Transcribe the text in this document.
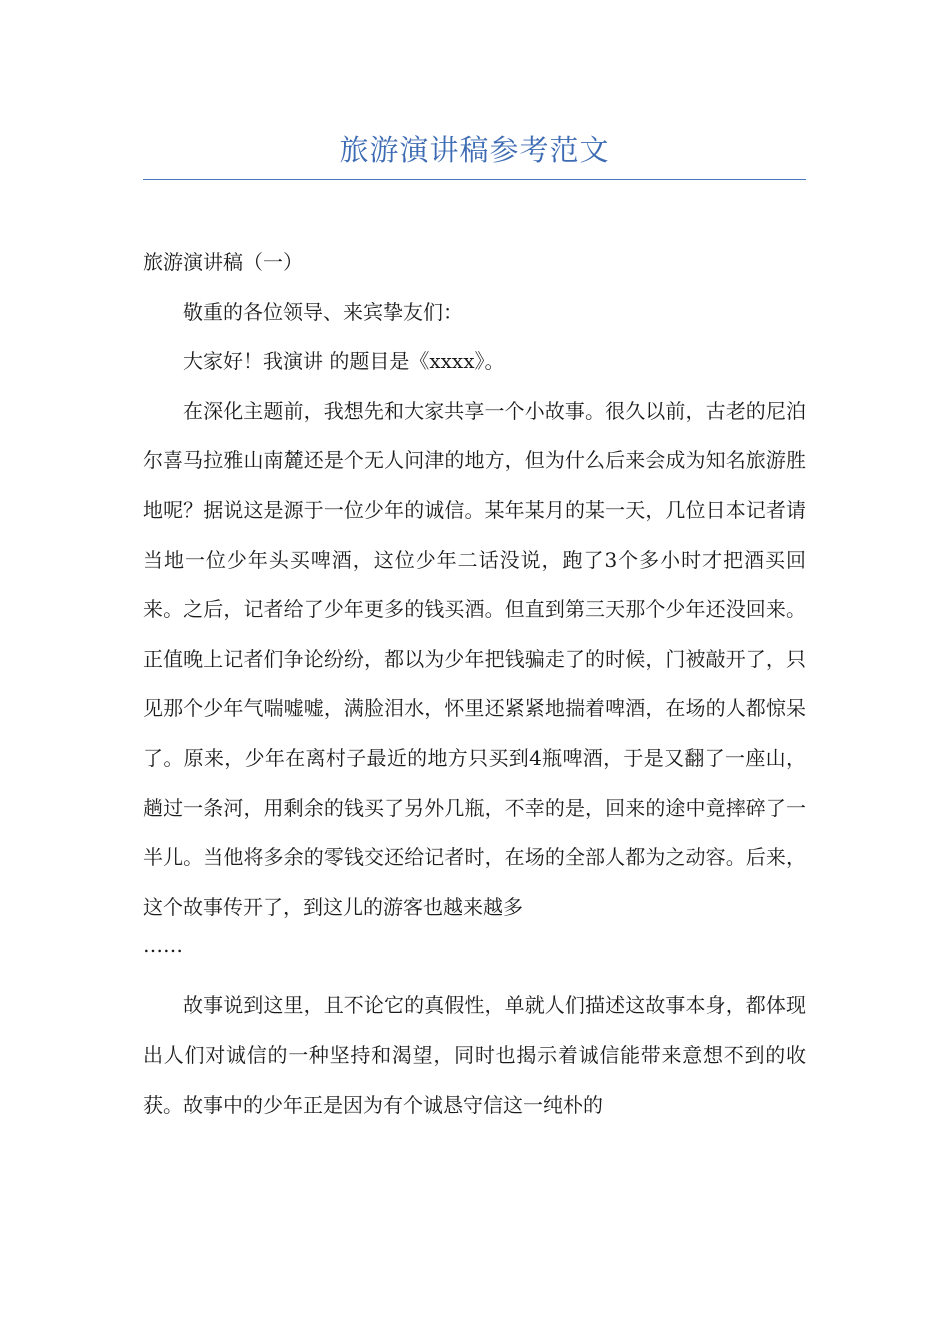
旅游演讲稿参考范文

旅游演讲稿（一）

敬重的各位领导、来宾挚友们：

大家好！我演讲 的题目是《xxxx》。

在深化主题前，我想先和大家共享一个小故事。很久以前，古老的尼泊尔喜马拉雅山南麓还是个无人问津的地方，但为什么后来会成为知名旅游胜地呢？据说这是源于一位少年的诚信。某年某月的某一天，几位日本记者请当地一位少年头买啤酒，这位少年二话没说，跑了3个多小时才把酒买回来。之后，记者给了少年更多的钱买酒。但直到第三天那个少年还没回来。正值晚上记者们争论纷纷，都以为少年把钱骗走了的时候，门被敲开了，只见那个少年气喘嘘嘘，满脸泪水，怀里还紧紧地揣着啤酒，在场的人都惊呆了。原来，少年在离村子最近的地方只买到4瓶啤酒，于是又翻了一座山，趟过一条河，用剩余的钱买了另外几瓶，不幸的是，回来的途中竟摔碎了一半儿。当他将多余的零钱交还给记者时，在场的全部人都为之动容。后来，这个故事传开了，到这儿的游客也越来越多

……

故事说到这里，且不论它的真假性，单就人们描述这故事本身，都体现出人们对诚信的一种坚持和渴望，同时也揭示着诚信能带来意想不到的收获。故事中的少年正是因为有个诚恳守信这一纯朴的
